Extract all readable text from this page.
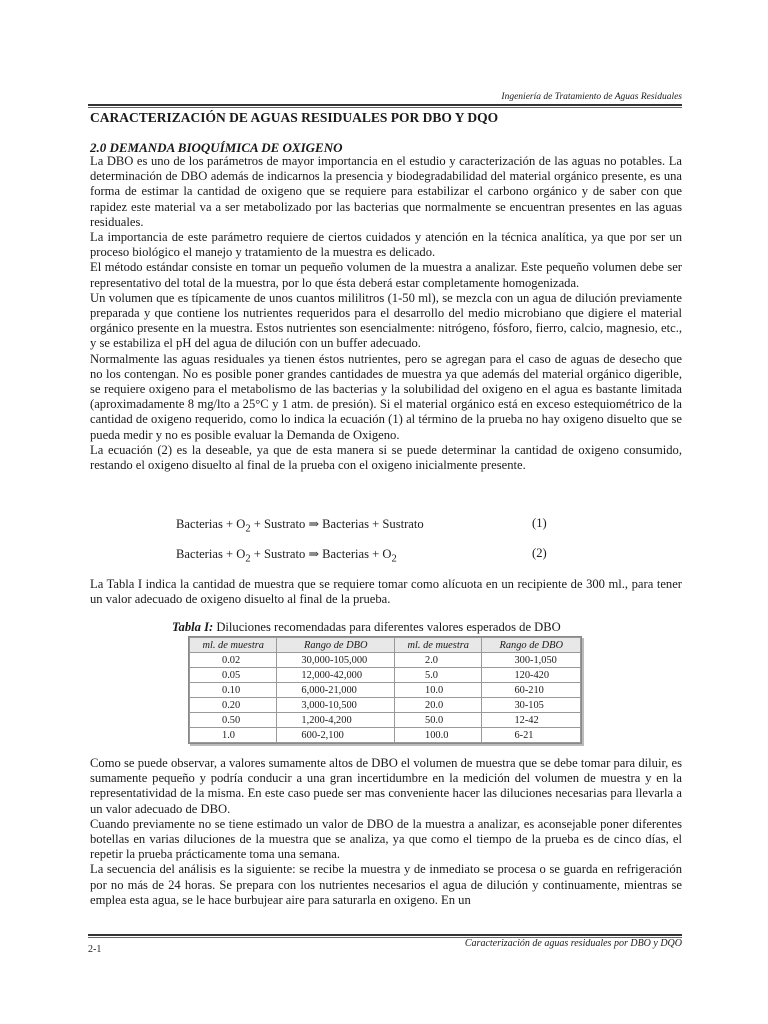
Ingeniería de Tratamiento de Aguas Residuales
CARACTERIZACIÓN DE AGUAS RESIDUALES POR DBO Y DQO
2.0 DEMANDA BIOQUÍMICA DE OXIGENO

La DBO es uno de los parámetros de mayor importancia en el estudio y caracterización de las aguas no potables. La determinación de DBO además de indicarnos la presencia y biodegradabilidad del material orgánico presente, es una forma de estimar la cantidad de oxigeno que se requiere para estabilizar el carbono orgánico y de saber con que rapidez este material va a ser metabolizado por las bacterias que normalmente se encuentran presentes en las aguas residuales.

La importancia de este parámetro requiere de ciertos cuidados y atención en la técnica analítica, ya que por ser un proceso biológico el manejo y tratamiento de la muestra es delicado.

El método estándar consiste en tomar un pequeño volumen de la muestra a analizar. Este pequeño volumen debe ser representativo del total de la muestra, por lo que ésta deberá estar completamente homogenizada.

Un volumen que es típicamente de unos cuantos mililitros (1-50 ml), se mezcla con un agua de dilución previamente preparada y que contiene los nutrientes requeridos para el desarrollo del medio microbiano que digiere el material orgánico presente en la muestra. Estos nutrientes son esencialmente: nitrógeno, fósforo, fierro, calcio, magnesio, etc., y se estabiliza el pH del agua de dilución con un buffer adecuado.

Normalmente las aguas residuales ya tienen éstos nutrientes, pero se agregan para el caso de aguas de desecho que no los contengan. No es posible poner grandes cantidades de muestra ya que además del material orgánico digerible, se requiere oxigeno para el metabolismo de las bacterias y la solubilidad del oxigeno en el agua es bastante limitada (aproximadamente 8 mg/lto a 25°C y 1 atm. de presión). Si el material orgánico está en exceso estequiométrico de la cantidad de oxigeno requerido, como lo indica la ecuación (1) al término de la prueba no hay oxigeno disuelto que se pueda medir y no es posible evaluar la Demanda de Oxigeno.

La ecuación (2) es la deseable, ya que de esta manera si se puede determinar la cantidad de oxigeno consumido, restando el oxigeno disuelto al final de la prueba con el oxigeno inicialmente presente.

Bacterias + $O_2$ + Sustrato ⇒ Bacterias + Sustrato	(1)
Bacterias + $O_2$ + Sustrato ⇒ Bacterias + $O_2$	(2)

La Tabla I indica la cantidad de muestra que se requiere tomar como alícuota en un recipiente de 300 ml., para tener un valor adecuado de oxigeno disuelto al final de la prueba.

Tabla I: Diluciones recomendadas para diferentes valores esperados de DBO
ml. de muestra	Rango de DBO	ml. de muestra	Rango de DBO
0.02	30,000-105,000	2.0	300-1,050
0.05	12,000-42,000	5.0	120-420
0.10	6,000-21,000	10.0	60-210
0.20	3,000-10,500	20.0	30-105
0.50	1,200-4,200	50.0	12-42
1.0	600-2,100	100.0	6-21

Como se puede observar, a valores sumamente altos de DBO el volumen de muestra que se debe tomar para diluir, es sumamente pequeño y podría conducir a una gran incertidumbre en la medición del volumen de muestra y en la representatividad de la misma. En este caso puede ser mas conveniente hacer las diluciones necesarias para llevarla a un valor adecuado de DBO.

Cuando previamente no se tiene estimado un valor de DBO de la muestra a analizar, es aconsejable poner diferentes botellas en varias diluciones de la muestra que se analiza, ya que como el tiempo de la prueba es de cinco días, el repetir la prueba prácticamente toma una semana.

La secuencia del análisis es la siguiente: se recibe la muestra y de inmediato se procesa o se guarda en refrigeración por no más de 24 horas. Se prepara con los nutrientes necesarios el agua de dilución y continuamente, mientras se emplea esta agua, se le hace burbujear aire para saturarla en oxigeno. En un

2-1
Caracterización de aguas residuales por DBO y DQO
